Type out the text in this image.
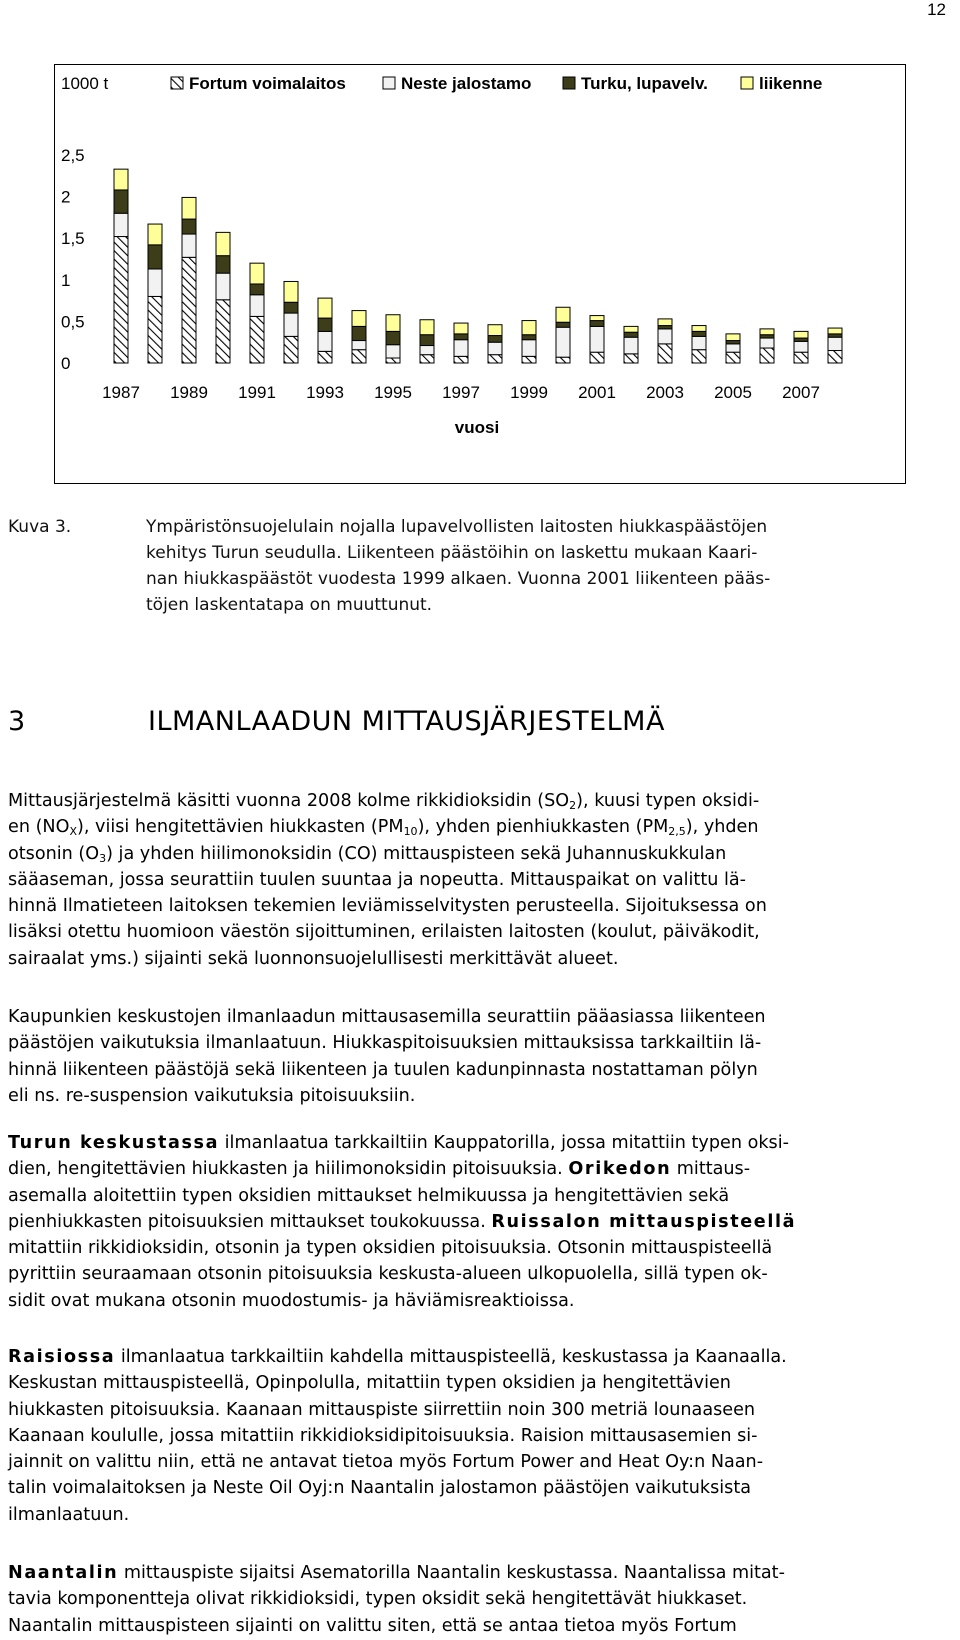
12
1000 t
0
0,5
1
1,5
2
2,5
1987 1989 1991 1993 1995 1997 1999 2001 2003 2005 2007
vuosi
Fortum voimalaitos	Neste jalostamo	Turku, lupavelv.	liikenne
Kuva 3.	Ympäristönsuojelulain nojalla lupavelvollisten laitosten hiukkaspäästöjen
kehitys Turun seudulla. Liikenteen päästöihin on laskettu mukaan Kaari-
nan hiukkaspäästöt vuodesta 1999 alkaen. Vuonna 2001 liikenteen pääs-
töjen laskentatapa on muuttunut.
3	ILMANLAADUN MITTAUSJÄRJESTELMÄ
Mittausjärjestelmä käsitti vuonna 2008 kolme rikkidioksidin $(SO_2)$, kuusi typen oksidi-
en $(NO_X)$, viisi hengitettävien hiukkasten $(PM_{10})$, yhden pienhiukkasten $(PM_{2,5})$, yhden
otsonin $(O_3)$ ja yhden hiilimonoksidin (CO) mittauspisteen sekä Juhannuskukkulan
sääaseman, jossa seurattiin tuulen suuntaa ja nopeutta. Mittauspaikat on valittu lä-
hinnä Ilmatieteen laitoksen tekemien leviämisselvitysten perusteella. Sijoituksessa on
lisäksi otettu huomioon väestön sijoittuminen, erilaisten laitosten (koulut, päiväkodit,
sairaalat yms.) sijainti sekä luonnonsuojelullisesti merkittävät alueet.
Kaupunkien keskustojen ilmanlaadun mittausasemilla seurattiin pääasiassa liikenteen
päästöjen vaikutuksia ilmanlaatuun. Hiukkaspitoisuuksien mittauksissa tarkkailtiin lä-
hinnä liikenteen päästöjä sekä liikenteen ja tuulen kadunpinnasta nostattaman pölyn
eli ns. re-suspension vaikutuksia pitoisuuksiin.
Turun keskustassa ilmanlaatua tarkkailtiin Kauppatorilla, jossa mitattiin typen oksi-
dien, hengitettävien hiukkasten ja hiilimonoksidin pitoisuuksia. Orikedon mittaus-
asemalla aloitettiin typen oksidien mittaukset helmikuussa ja hengitettävien sekä
pienhiukkasten pitoisuuksien mittaukset toukokuussa. Ruissalon mittauspisteellä
mitattiin rikkidioksidin, otsonin ja typen oksidien pitoisuuksia. Otsonin mittauspisteellä
pyrittiin seuraamaan otsonin pitoisuuksia keskusta-alueen ulkopuolella, sillä typen ok-
sidit ovat mukana otsonin muodostumis- ja häviämisreaktioissa.
Raisiossa ilmanlaatua tarkkailtiin kahdella mittauspisteellä, keskustassa ja Kaanaalla.
Keskustan mittauspisteellä, Opinpolulla, mitattiin typen oksidien ja hengitettävien
hiukkasten pitoisuuksia. Kaanaan mittauspiste siirrettiin noin 300 metriä lounaaseen
Kaanaan koululle, jossa mitattiin rikkidioksidipitoisuuksia. Raision mittausasemien si-
jainnit on valittu niin, että ne antavat tietoa myös Fortum Power and Heat Oy:n Naan-
talin voimalaitoksen ja Neste Oil Oyj:n Naantalin jalostamon päästöjen vaikutuksista
ilmanlaatuun.
Naantalin mittauspiste sijaitsi Asematorilla Naantalin keskustassa. Naantalissa mitat-
tavia komponentteja olivat rikkidioksidi, typen oksidit sekä hengitettävät hiukkaset.
Naantalin mittauspisteen sijainti on valittu siten, että se antaa tietoa myös Fortum
